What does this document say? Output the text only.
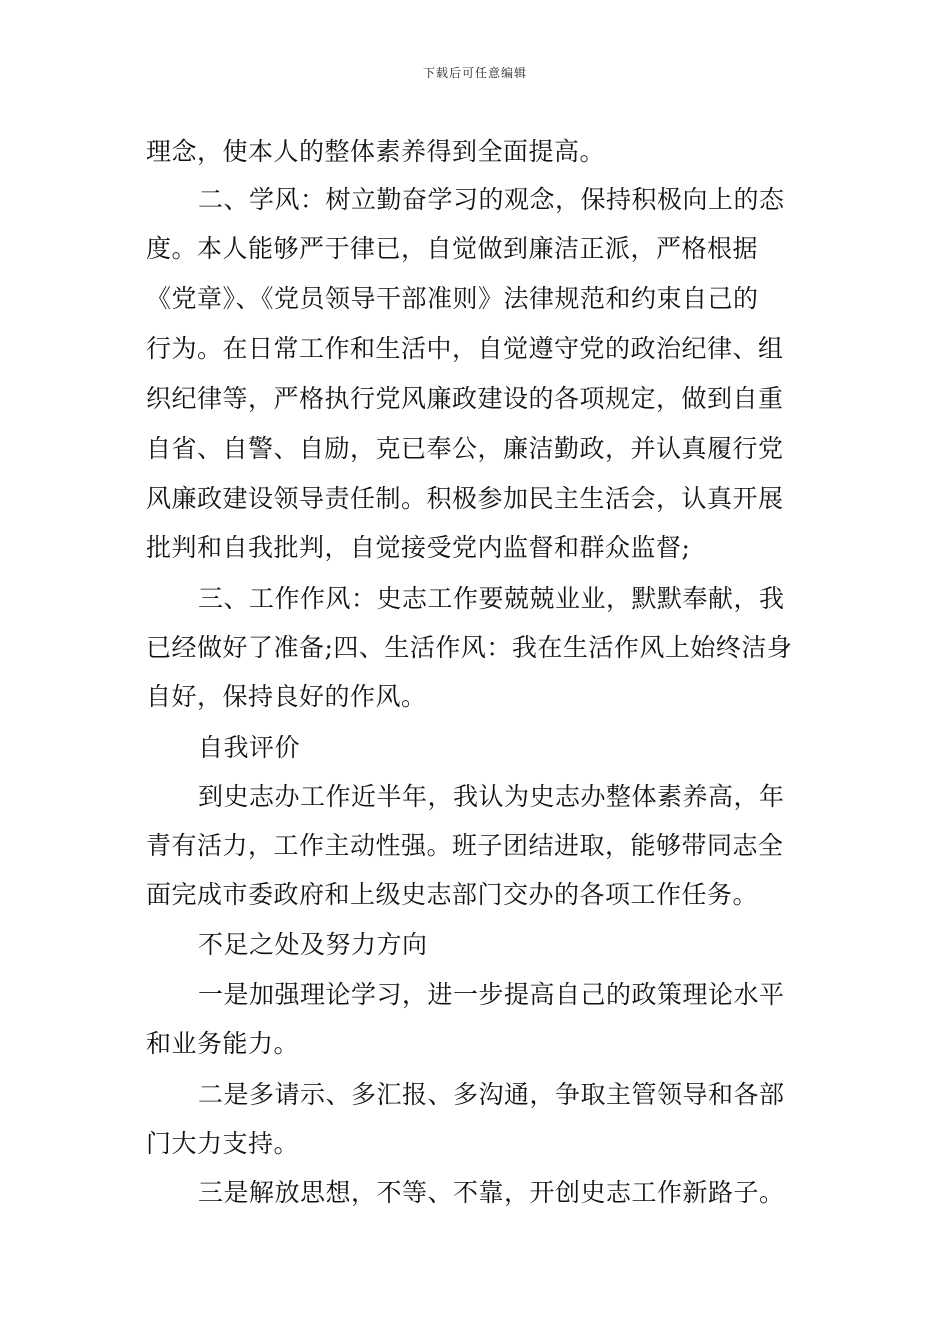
下载后可任意编辑
理念，使本人的整体素养得到全面提高。
二、学风：树立勤奋学习的观念，保持积极向上的态
度。本人能够严于律已，自觉做到廉洁正派，严格根据
《党章》、《党员领导干部准则》法律规范和约束自己的
行为。在日常工作和生活中，自觉遵守党的政治纪律、组
织纪律等，严格执行党风廉政建设的各项规定，做到自重
自省、自警、自励，克已奉公，廉洁勤政，并认真履行党
风廉政建设领导责任制。积极参加民主生活会，认真开展
批判和自我批判，自觉接受党内监督和群众监督;
三、工作作风：史志工作要兢兢业业，默默奉献，我
已经做好了准备;四、生活作风：我在生活作风上始终洁身
自好，保持良好的作风。
自我评价
到史志办工作近半年，我认为史志办整体素养高，年
青有活力，工作主动性强。班子团结进取，能够带同志全
面完成市委政府和上级史志部门交办的各项工作任务。
不足之处及努力方向
一是加强理论学习，进一步提高自己的政策理论水平
和业务能力。
二是多请示、多汇报、多沟通，争取主管领导和各部
门大力支持。
三是解放思想，不等、不靠，开创史志工作新路子。
